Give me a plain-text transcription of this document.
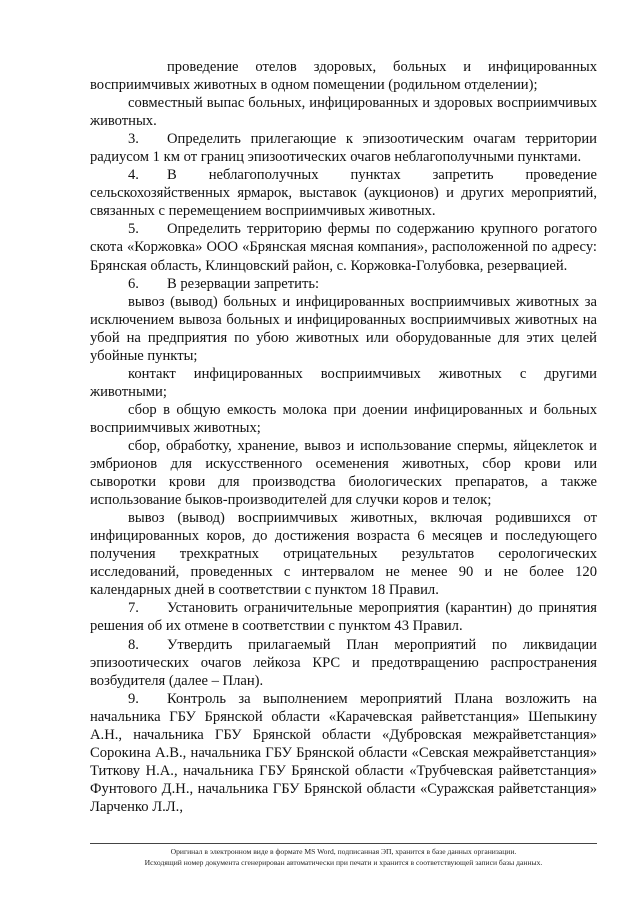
проведение отелов здоровых, больных и инфицированных восприимчивых животных в одном помещении (родильном отделении);

совместный выпас больных, инфицированных и здоровых восприимчивых животных.

3. Определить прилегающие к эпизоотическим очагам территории радиусом 1 км от границ эпизоотических очагов неблагополучными пунктами.

4. В неблагополучных пунктах запретить проведение сельскохозяйственных ярмарок, выставок (аукционов) и других мероприятий, связанных с перемещением восприимчивых животных.

5. Определить территорию фермы по содержанию крупного рогатого скота «Коржовка» ООО «Брянская мясная компания», расположенной по адресу: Брянская область, Клинцовский район, с. Коржовка-Голубовка, резервацией.

6. В резервации запретить:

вывоз (вывод) больных и инфицированных восприимчивых животных за исключением вывоза больных и инфицированных восприимчивых животных на убой на предприятия по убою животных или оборудованные для этих целей убойные пункты;

контакт инфицированных восприимчивых животных с другими животными;

сбор в общую емкость молока при доении инфицированных и больных восприимчивых животных;

сбор, обработку, хранение, вывоз и использование спермы, яйцеклеток и эмбрионов для искусственного осеменения животных, сбор крови или сыворотки крови для производства биологических препаратов, а также использование быков-производителей для случки коров и телок;

вывоз (вывод) восприимчивых животных, включая родившихся от инфицированных коров, до достижения возраста 6 месяцев и последующего получения трехкратных отрицательных результатов серологических исследований, проведенных с интервалом не менее 90 и не более 120 календарных дней в соответствии с пунктом 18 Правил.

7. Установить ограничительные мероприятия (карантин) до принятия решения об их отмене в соответствии с пунктом 43 Правил.

8. Утвердить прилагаемый План мероприятий по ликвидации эпизоотических очагов лейкоза КРС и предотвращению распространения возбудителя (далее – План).

9. Контроль за выполнением мероприятий Плана возложить на начальника ГБУ Брянской области «Карачевская райветстанция» Шепыкину А.Н., начальника ГБУ Брянской области «Дубровская межрайветстанция» Сорокина А.В., начальника ГБУ Брянской области «Севская межрайветстанция» Титкову Н.А., начальника ГБУ Брянской области «Трубчевская райветстанция» Фунтового Д.Н., начальника ГБУ Брянской области «Суражская райветстанция» Ларченко Л.Л.,

Оригинал в электронном виде в формате MS Word, подписанная ЭП, хранится в базе данных организации.
Исходящий номер документа сгенерирован автоматически при печати и хранится в соответствующей записи базы данных.
